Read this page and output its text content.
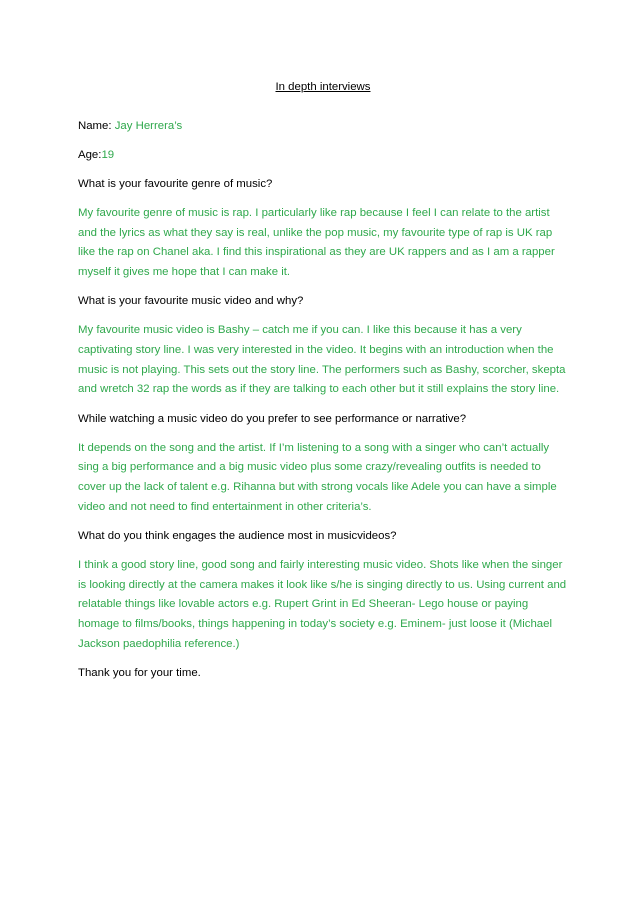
In depth interviews
Name: Jay Herrera’s
Age:19
What is your favourite genre of music?
My favourite genre of music is rap. I particularly like rap because I feel I can relate to the artist and the lyrics as what they say is real, unlike the pop music, my favourite type of rap is UK rap like the rap on Chanel aka. I find this inspirational as they are UK rappers and as I am a rapper myself it gives me hope that I can make it.
What is your favourite music video and why?
My favourite music video is Bashy – catch me if you can. I like this because it has a very captivating story line. I was very interested in the video. It begins with an introduction when the music is not playing. This sets out the story line. The performers such as Bashy, scorcher, skepta and wretch 32 rap the words as if they are talking to each other but it still explains the story line.
While watching a music video do you prefer to see performance or narrative?
It depends on the song and the artist. If I’m listening to a song with a singer who can’t actually sing a big performance and a big music video plus some crazy/revealing outfits is needed to cover up the lack of talent e.g. Rihanna but with strong vocals like Adele you can have a simple video and not need to find entertainment in other criteria’s.
What do you think engages the audience most in musicvideos?
I think a good story line, good song and fairly interesting music video. Shots like when the singer is looking directly at the camera makes it look like s/he is singing directly to us. Using current and relatable things like lovable actors e.g. Rupert Grint in Ed Sheeran- Lego house or paying homage to films/books, things happening in today’s society e.g. Eminem- just loose it (Michael Jackson paedophilia reference.)
Thank you for your time.
